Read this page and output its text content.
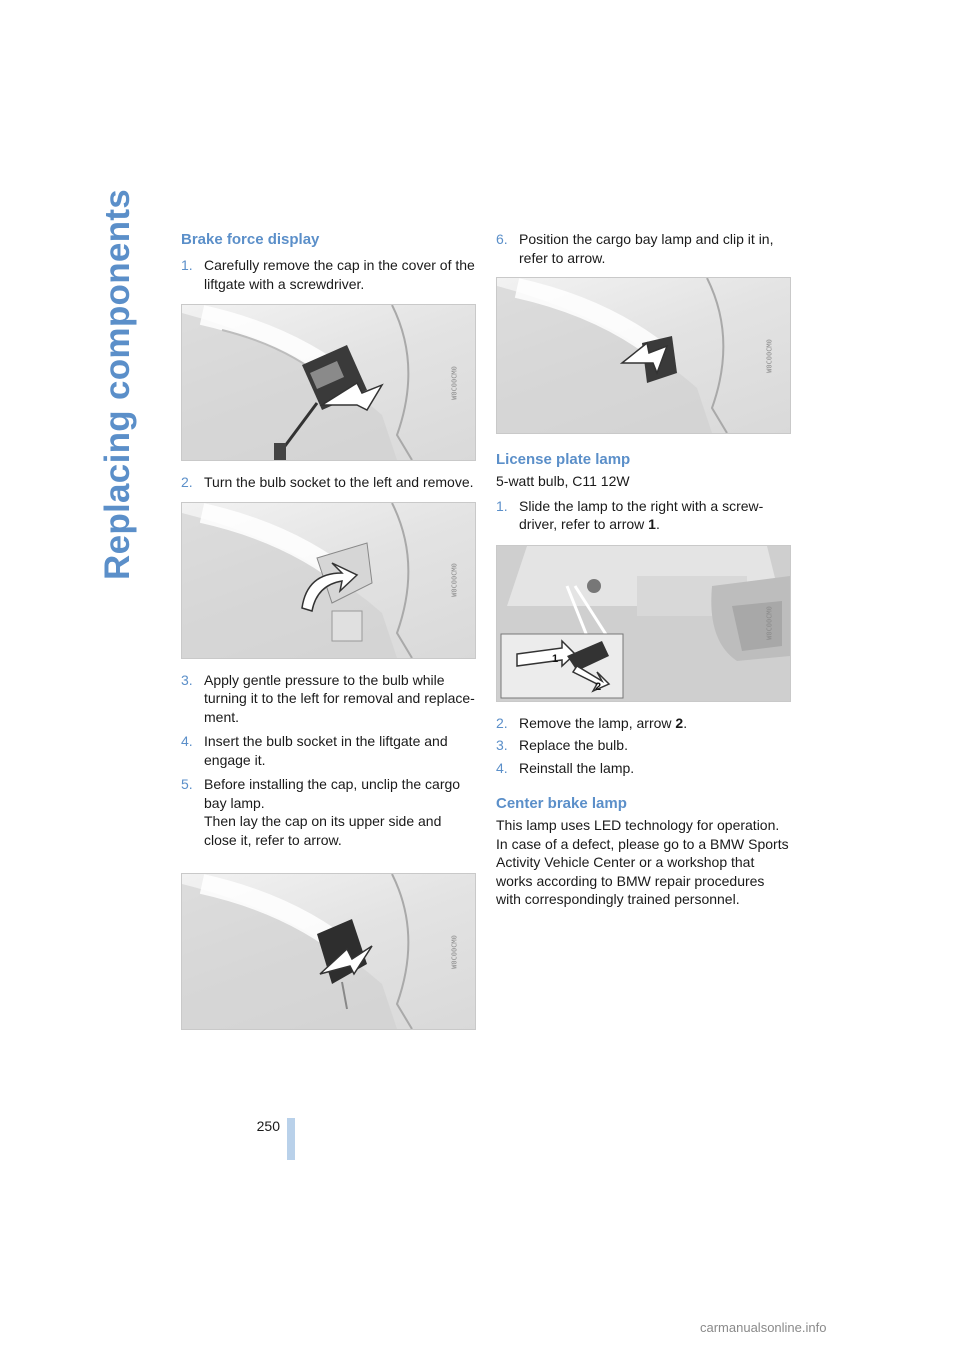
Replacing components	Brake force display
1. Carefully remove the cap in the cover of the liftgate with a screwdriver.
W0C00CM0
2. Turn the bulb socket to the left and remove.
W0C00CM0
3. Apply gentle pressure to the bulb while turning it to the left for removal and replace-ment.
4. Insert the bulb socket in the liftgate and engage it.
5. Before installing the cap, unclip the cargo bay lamp.
Then lay the cap on its upper side and close it, refer to arrow.
W0C00CM0
6. Position the cargo bay lamp and clip it in, refer to arrow.
W0C00CM0
License plate lamp

5-watt bulb, C11 12W

1. Slide the lamp to the right with a screw-driver, refer to arrow 1.
1
2
W0C00CM0
2. Remove the lamp, arrow 2.
3. Replace the bulb.
4. Reinstall the lamp.
Center brake lamp

This lamp uses LED technology for operation. In case of a defect, please go to a BMW Sports Activity Vehicle Center or a workshop that works according to BMW repair procedures with correspondingly trained personnel.

250
carmanualsonline.info
